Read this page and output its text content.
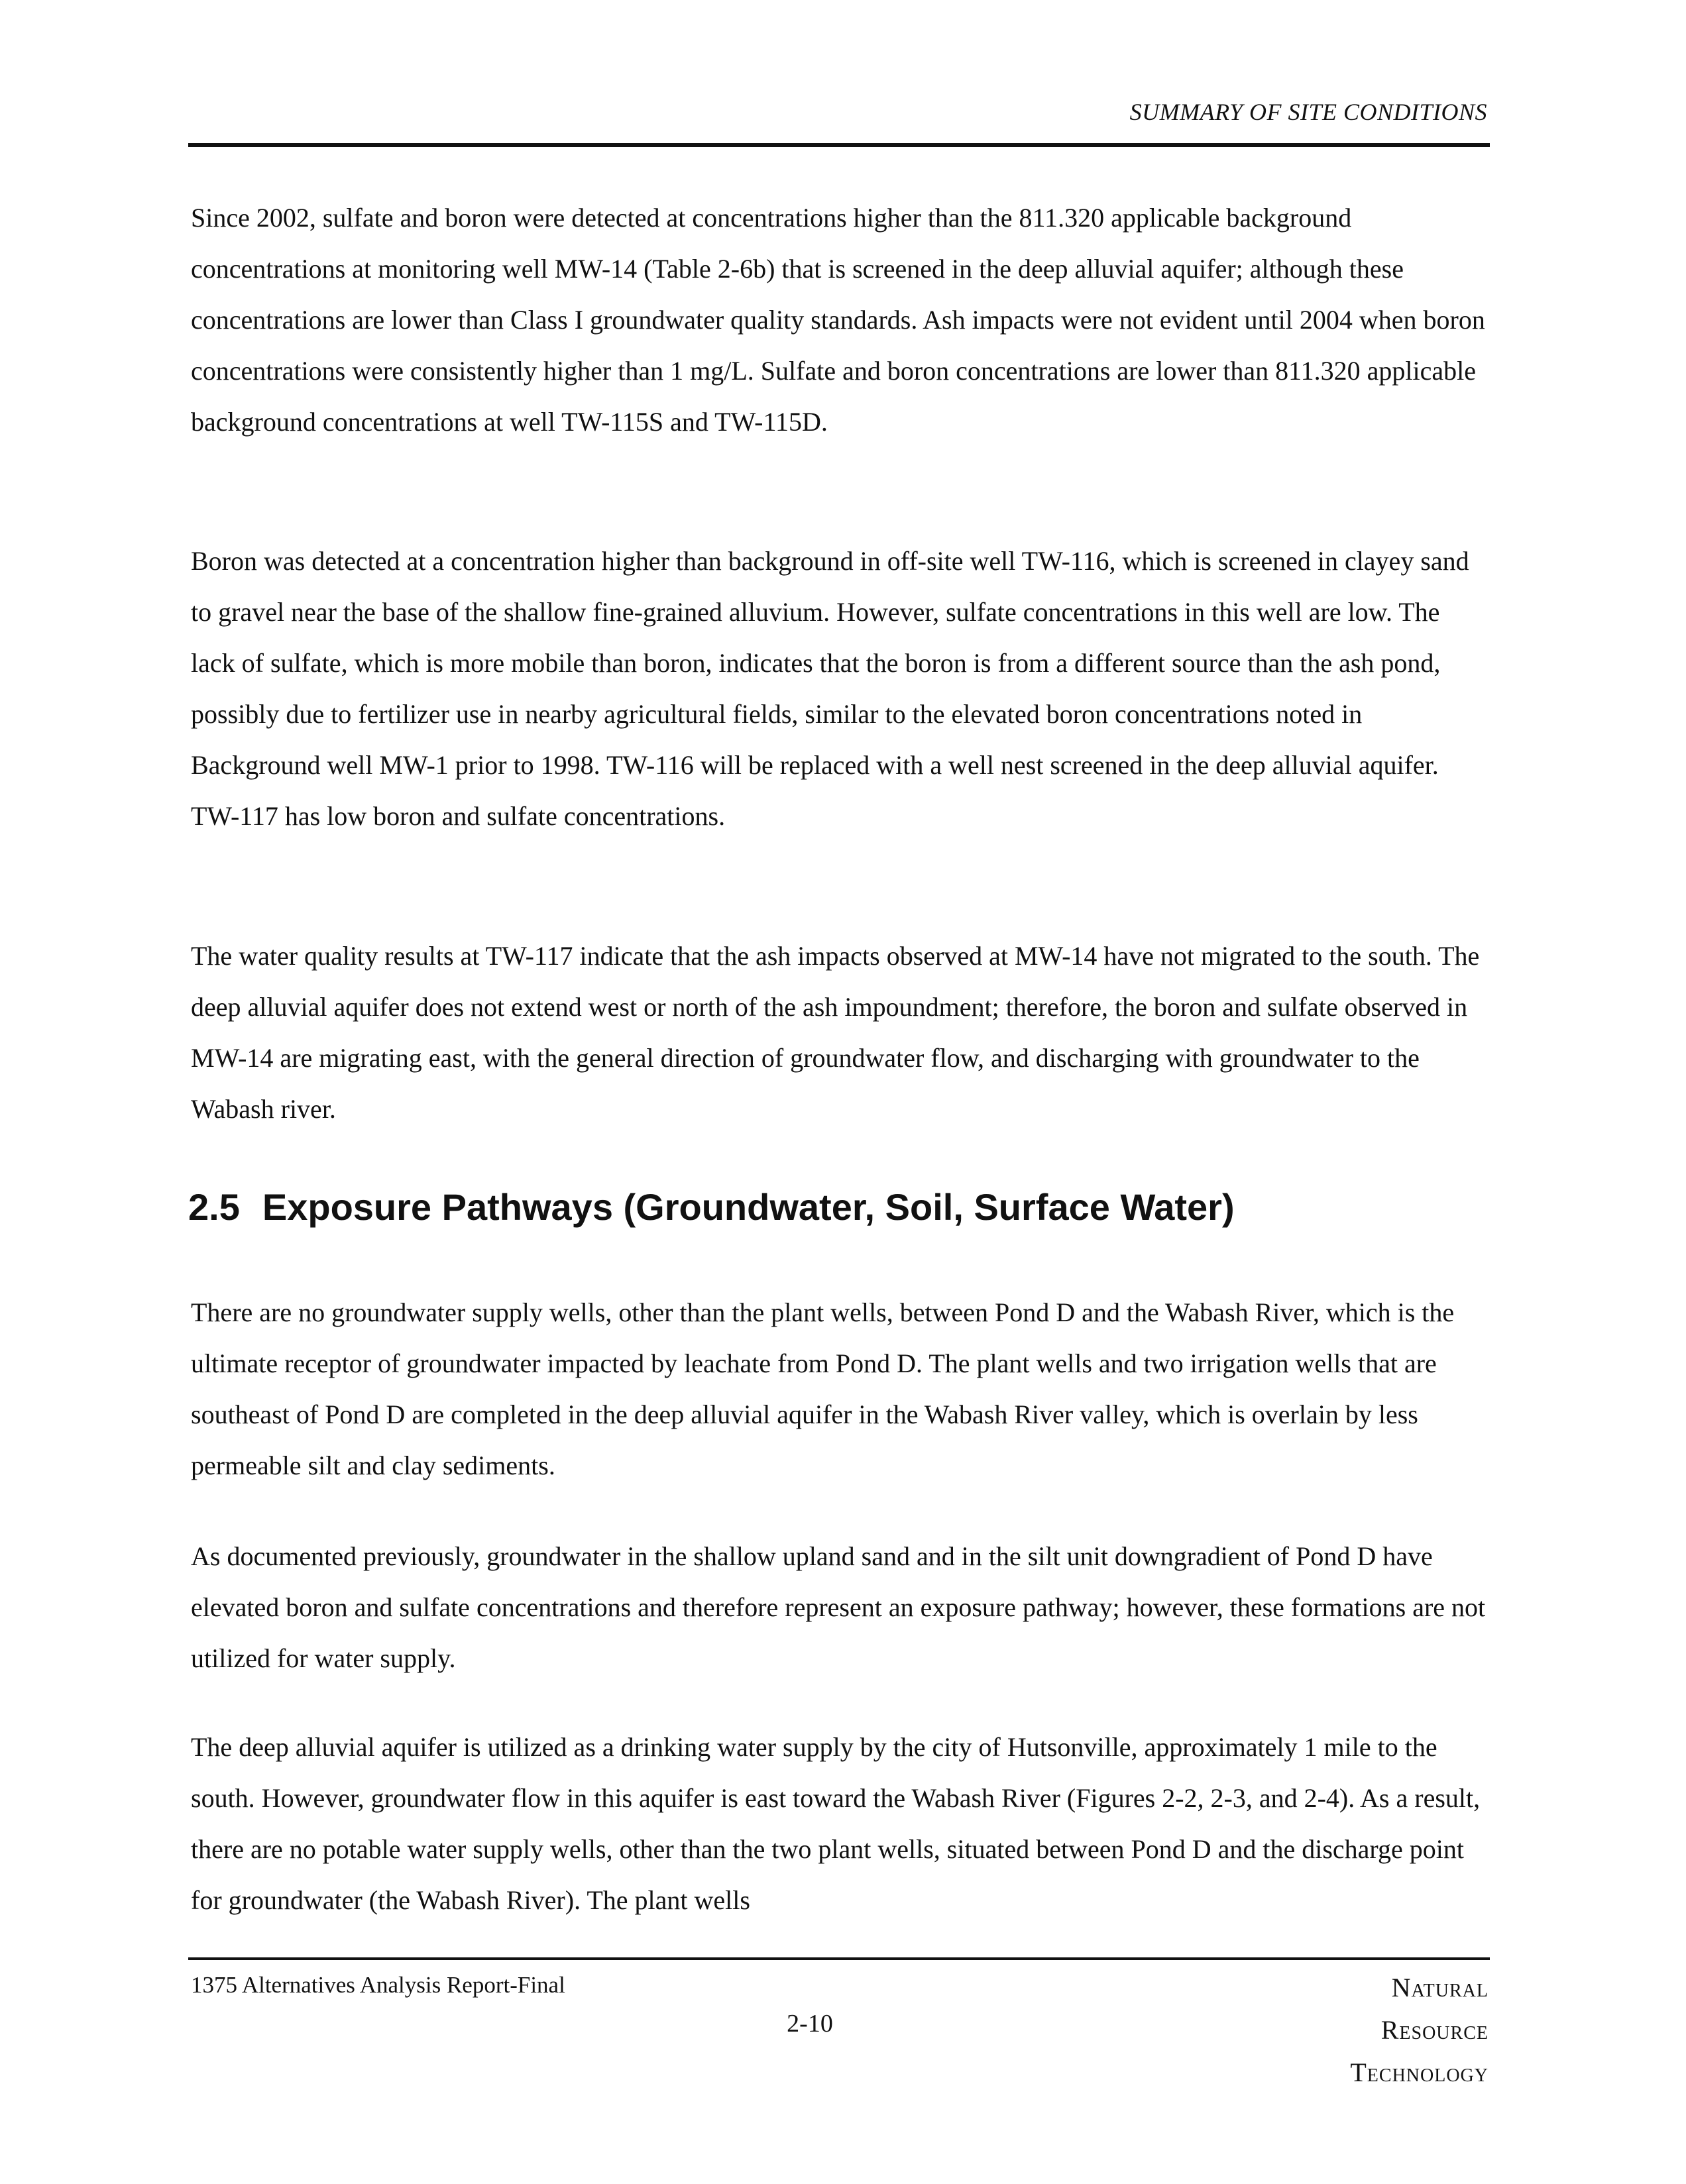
SUMMARY OF SITE CONDITIONS

Since 2002, sulfate and boron were detected at concentrations higher than the 811.320 applicable background concentrations at monitoring well MW-14 (Table 2-6b) that is screened in the deep alluvial aquifer; although these concentrations are lower than Class I groundwater quality standards. Ash impacts were not evident until 2004 when boron concentrations were consistently higher than 1 mg/L. Sulfate and boron concentrations are lower than 811.320 applicable background concentrations at well TW-115S and TW-115D.

Boron was detected at a concentration higher than background in off-site well TW-116, which is screened in clayey sand to gravel near the base of the shallow fine-grained alluvium. However, sulfate concentrations in this well are low. The lack of sulfate, which is more mobile than boron, indicates that the boron is from a different source than the ash pond, possibly due to fertilizer use in nearby agricultural fields, similar to the elevated boron concentrations noted in Background well MW-1 prior to 1998. TW-116 will be replaced with a well nest screened in the deep alluvial aquifer. TW-117 has low boron and sulfate concentrations.

The water quality results at TW-117 indicate that the ash impacts observed at MW-14 have not migrated to the south. The deep alluvial aquifer does not extend west or north of the ash impoundment; therefore, the boron and sulfate observed in MW-14 are migrating east, with the general direction of groundwater flow, and discharging with groundwater to the Wabash river.

2.5 Exposure Pathways (Groundwater, Soil, Surface Water)

There are no groundwater supply wells, other than the plant wells, between Pond D and the Wabash River, which is the ultimate receptor of groundwater impacted by leachate from Pond D. The plant wells and two irrigation wells that are southeast of Pond D are completed in the deep alluvial aquifer in the Wabash River valley, which is overlain by less permeable silt and clay sediments.

As documented previously, groundwater in the shallow upland sand and in the silt unit downgradient of Pond D have elevated boron and sulfate concentrations and therefore represent an exposure pathway; however, these formations are not utilized for water supply.

The deep alluvial aquifer is utilized as a drinking water supply by the city of Hutsonville, approximately 1 mile to the south. However, groundwater flow in this aquifer is east toward the Wabash River (Figures 2-2, 2-3, and 2-4). As a result, there are no potable water supply wells, other than the two plant wells, situated between Pond D and the discharge point for groundwater (the Wabash River). The plant wells

1375 Alternatives Analysis Report-Final
2-10
Natural
Resource
Technology
